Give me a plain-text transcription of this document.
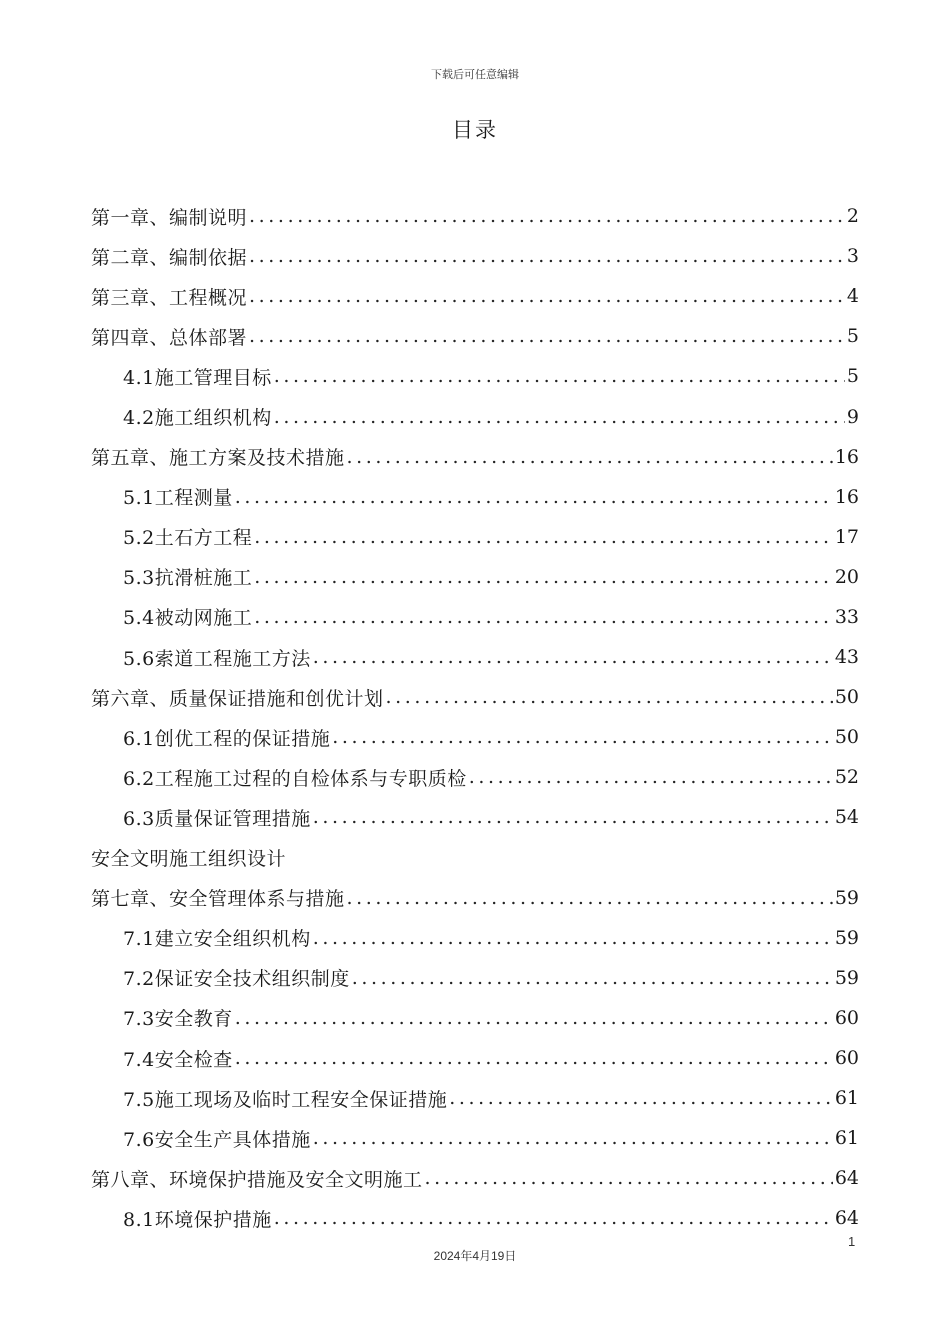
下载后可任意编辑
目录
第一章、编制说明 .....	2
第二章、编制依据 .....	3
第三章、工程概况 .....	4
第四章、总体部署 .....	5
4.1施工管理目标 .....	5
4.2施工组织机构 .....	9
第五章、施工方案及技术措施 .....	16
5.1工程测量 .....	16
5.2土石方工程 .....	17
5.3抗滑桩施工 .....	20
5.4被动网施工 .....	33
5.6索道工程施工方法 .....	43
第六章、质量保证措施和创优计划 .....	50
6.1创优工程的保证措施 .....	50
6.2工程施工过程的自检体系与专职质检 .....	52
6.3质量保证管理措施 .....	54
安全文明施工组织设计
第七章、安全管理体系与措施 .....	59
7.1建立安全组织机构 .....	59
7.2保证安全技术组织制度 .....	59
7.3安全教育 .....	60
7.4安全检查 .....	60
7.5施工现场及临时工程安全保证措施 .....	61
7.6安全生产具体措施 .....	61
第八章、环境保护措施及安全文明施工 .....	64
8.1环境保护措施 .....	64
1
2024年4月19日
